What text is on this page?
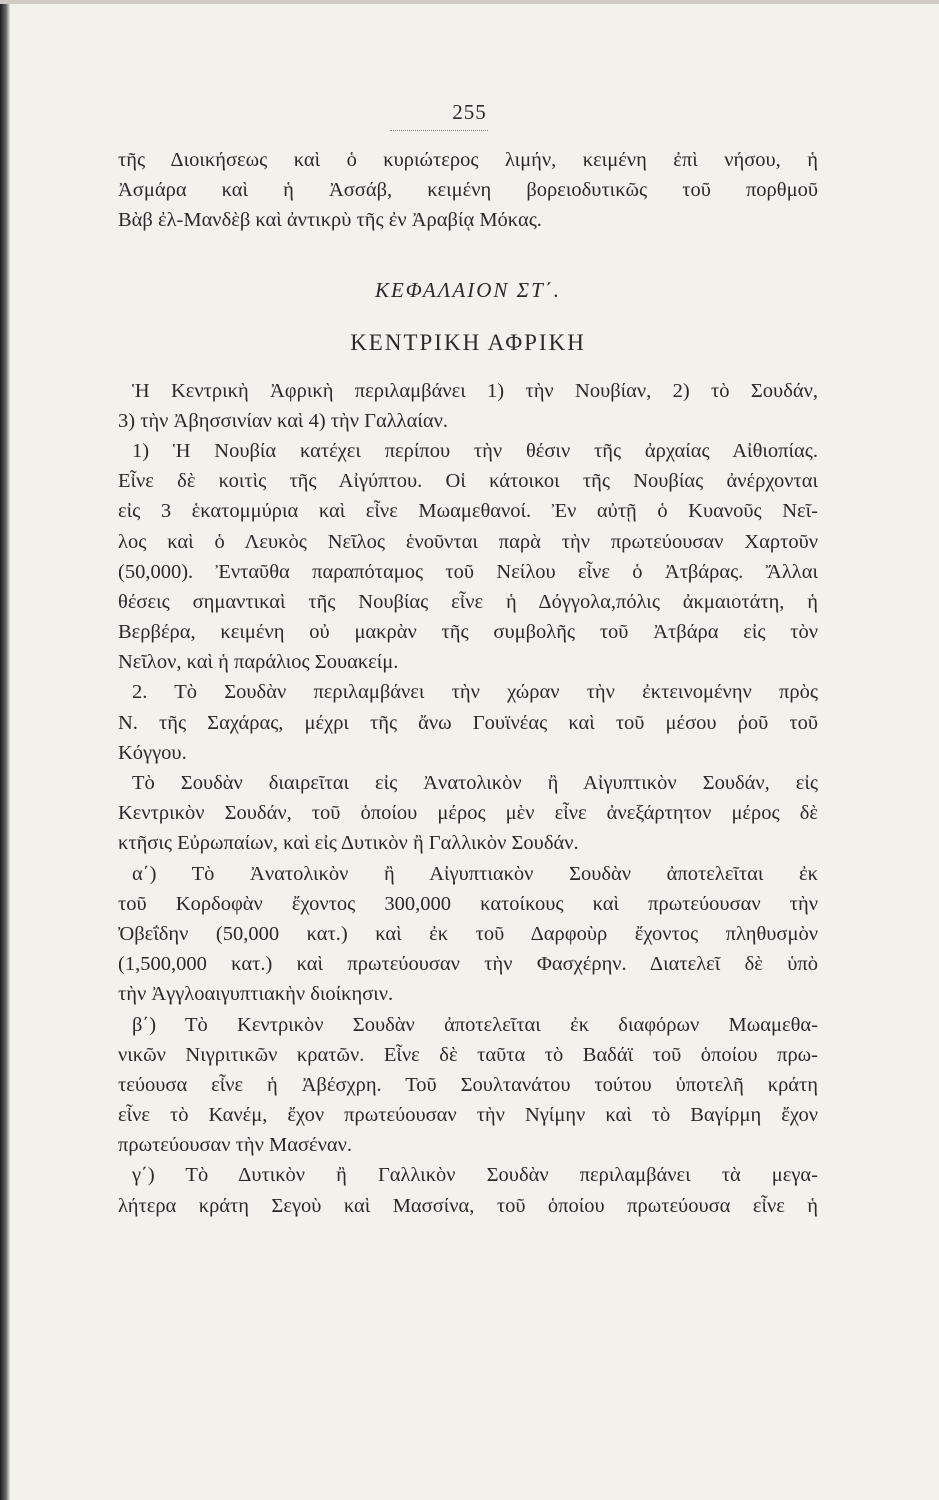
255
τῆς Διοικήσεως καὶ ὁ κυριώτερος λιμήν, κειμένη ἐπὶ νήσου, ἡ
Ἀσμάρα καὶ ἡ Ἀσσάβ, κειμένη βορειοδυτικῶς τοῦ πορθμοῦ
Βὰβ ἐλ-Μανδὲβ καὶ ἀντικρὺ τῆς ἐν Ἀραβίᾳ Μόκας.
ΚΕΦΑΛΑΙΟΝ ΣΤ΄.
ΚΕΝΤΡΙΚΗ ΑΦΡΙΚΗ
Ἡ Κεντρικὴ Ἀφρικὴ περιλαμβάνει 1) τὴν Νουβίαν, 2) τὸ Σουδάν,
3) τὴν Ἀβησσινίαν καὶ 4) τὴν Γαλλαίαν.
1) Ἡ Νουβία κατέχει περίπου τὴν θέσιν τῆς ἀρχαίας Αἰθιοπίας.
Εἶνε δὲ κοιτὶς τῆς Αἰγύπτου. Οἱ κάτοικοι τῆς Νουβίας ἀνέρχονται
εἰς 3 ἑκατομμύρια καὶ εἶνε Μωαμεθανοί. Ἐν αὐτῇ ὁ Κυανοῦς Νεῖ-
λος καὶ ὁ Λευκὸς Νεῖλος ἑνοῦνται παρὰ τὴν πρωτεύουσαν Χαρτοῦν
(50,000). Ἐνταῦθα παραπόταμος τοῦ Νείλου εἶνε ὁ Ἀτβάρας. Ἄλλαι
θέσεις σημαντικαὶ τῆς Νουβίας εἶνε ἡ Δόγγολα,πόλις ἀκμαιοτάτη, ἡ
Βερβέρα, κειμένη οὐ μακρὰν τῆς συμβολῆς τοῦ Ἀτβάρα εἰς τὸν
Νεῖλον, καὶ ἡ παράλιος Σουακείμ.
2. Τὸ Σουδὰν περιλαμβάνει τὴν χώραν τὴν ἐκτεινομένην πρὸς
Ν. τῆς Σαχάρας, μέχρι τῆς ἄνω Γουϊνέας καὶ τοῦ μέσου ῥοῦ τοῦ
Κόγγου.
Τὸ Σουδὰν διαιρεῖται εἰς Ἀνατολικὸν ἢ Αἰγυπτικὸν Σουδάν, εἰς
Κεντρικὸν Σουδάν, τοῦ ὁποίου μέρος μὲν εἶνε ἀνεξάρτητον μέρος δὲ
κτῆσις Εὐρωπαίων, καὶ εἰς Δυτικὸν ἢ Γαλλικὸν Σουδάν.
α΄) Τὸ Ἀνατολικὸν ἢ Αἰγυπτιακὸν Σουδὰν ἀποτελεῖται ἐκ
τοῦ Κορδοφὰν ἔχοντος 300,000 κατοίκους καὶ πρωτεύουσαν τὴν
Ὀβεΐδην (50,000 κατ.) καὶ ἐκ τοῦ Δαρφοὺρ ἔχοντος πληθυσμὸν
(1,500,000 κατ.) καὶ πρωτεύουσαν τὴν Φασχέρην. Διατελεῖ δὲ ὑπὸ
τὴν Ἀγγλοαιγυπτιακὴν διοίκησιν.
β΄) Τὸ Κεντρικὸν Σουδὰν ἀποτελεῖται ἐκ διαφόρων Μωαμεθα-
νικῶν Νιγριτικῶν κρατῶν. Εἶνε δὲ ταῦτα τὸ Βαδάϊ τοῦ ὁποίου πρω-
τεύουσα εἶνε ἡ Ἀβέσχρη. Τοῦ Σουλτανάτου τούτου ὑποτελῆ κράτη
εἶνε τὸ Κανέμ, ἔχον πρωτεύουσαν τὴν Νγίμην καὶ τὸ Βαγίρμη ἔχον
πρωτεύουσαν τὴν Μασέναν.
γ΄) Τὸ Δυτικὸν ἢ Γαλλικὸν Σουδὰν περιλαμβάνει τὰ μεγα-
λήτερα κράτη Σεγοὺ καὶ Μασσίνα, τοῦ ὁποίου πρωτεύουσα εἶνε ἡ
